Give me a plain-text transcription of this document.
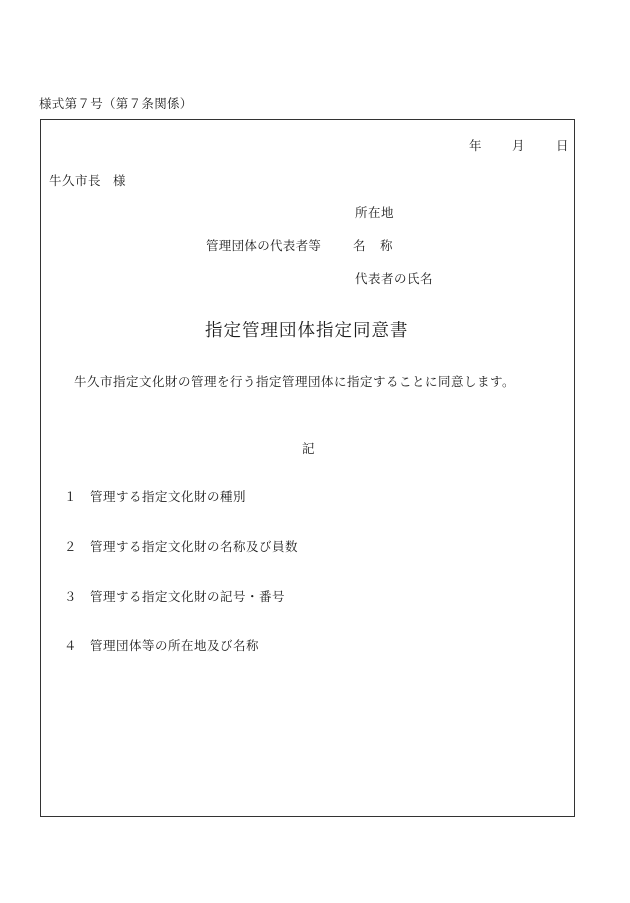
様式第７号（第７条関係）
年 月	日
牛久市長 様
所在地
管理団体の代表者等	名 称
代表者の氏名
指定管理団体指定同意書
牛久市指定文化財の管理を行う指定管理団体に指定することに同意します。
記
１ 管理する指定文化財の種別
２ 管理する指定文化財の名称及び員数
３ 管理する指定文化財の記号・番号
４ 管理団体等の所在地及び名称
